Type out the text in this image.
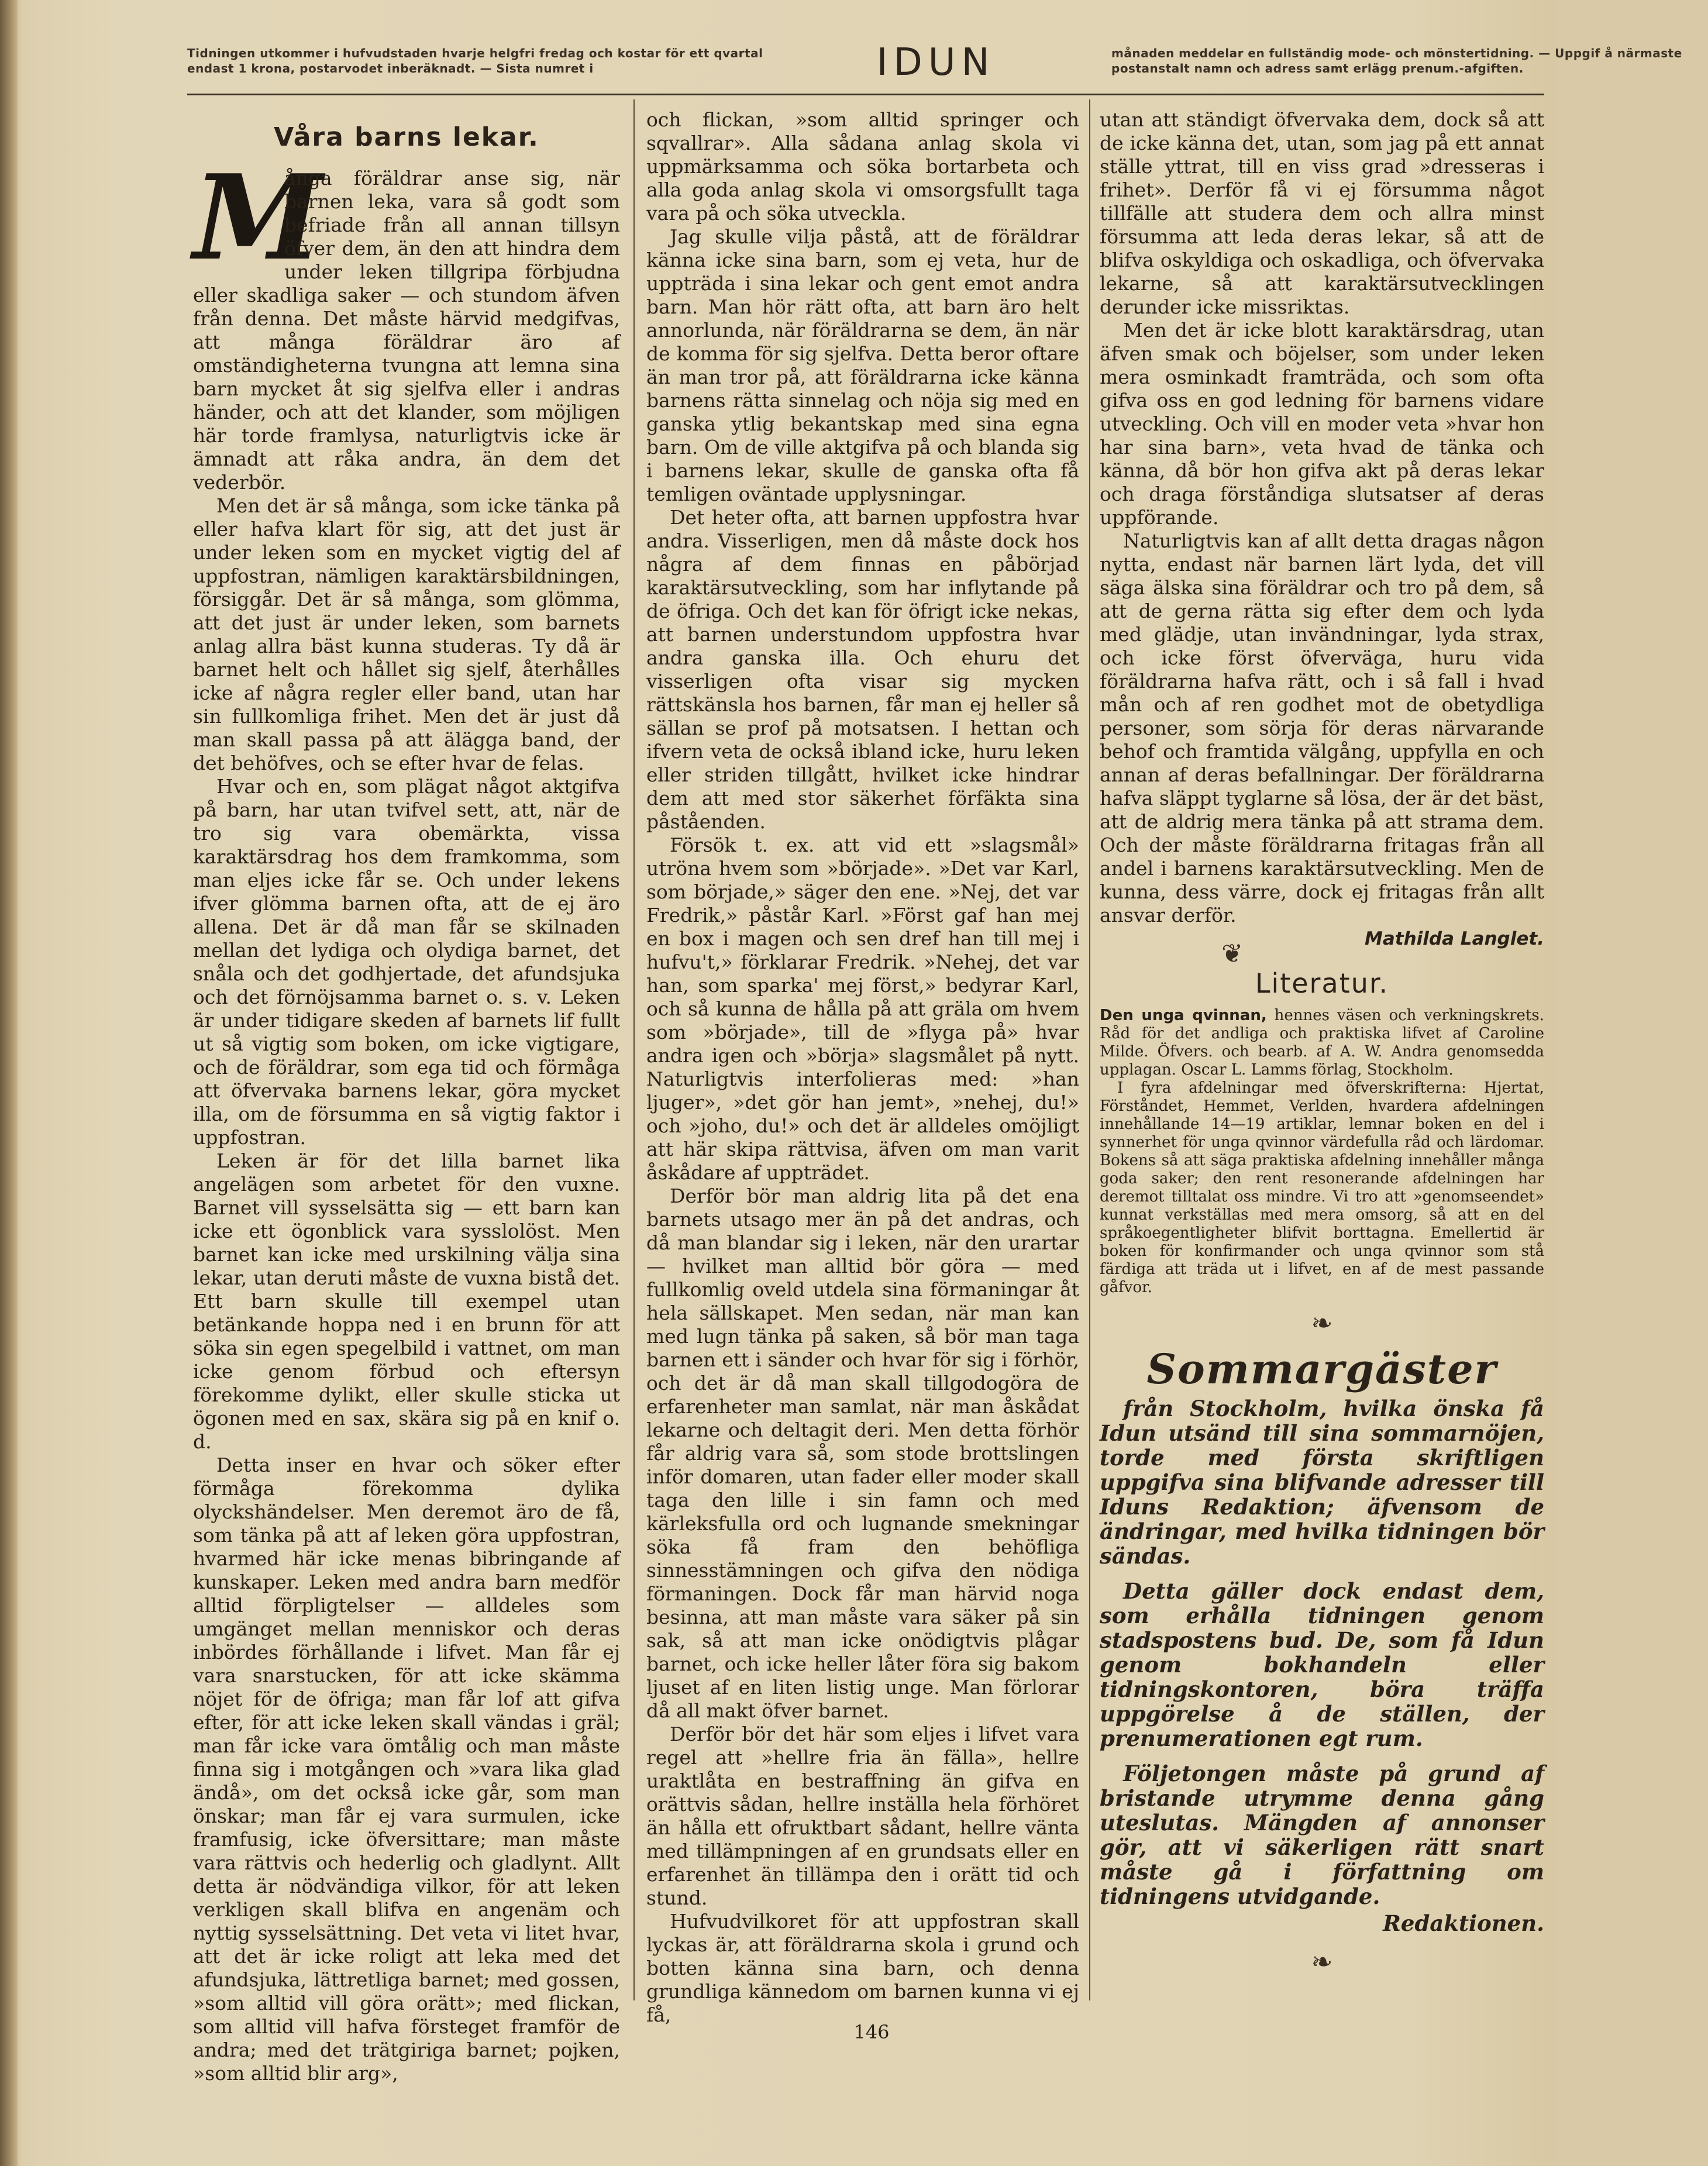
Tidningen utkommer i hufvudstaden hvarje helgfri fredag och kostar för ett qvartal endast 1 krona, postarvodet inberäknadt. — Sista numret i	IDUN	månaden meddelar en fullständig mode- och mönstertidning. — Uppgif å närmaste postanstalt namn och adress samt erlägg prenum.-afgiften.
Våra barns lekar.
M

ånga föräldrar anse sig, när barnen leka, vara så godt som befriade från all annan tillsyn öfver dem, än den att hindra dem under leken tillgripa förbjudna eller skadliga saker — och stundom äfven från denna. Det måste härvid medgifvas, att många föräldrar äro af omständigheterna tvungna att lemna sina barn mycket åt sig sjelfva eller i andras händer, och att det klander, som möjligen här torde framlysa, naturligtvis icke är ämnadt att råka andra, än dem det vederbör.

Men det är så många, som icke tänka på eller hafva klart för sig, att det just är under leken som en mycket vigtig del af uppfostran, nämligen karaktärsbildningen, försiggår. Det är så många, som glömma, att det just är under leken, som barnets anlag allra bäst kunna studeras. Ty då är barnet helt och hållet sig sjelf, återhålles icke af några regler eller band, utan har sin fullkomliga frihet. Men det är just då man skall passa på att älägga band, der det behöfves, och se efter hvar de felas.

Hvar och en, som plägat något aktgifva på barn, har utan tvifvel sett, att, när de tro sig vara obemärkta, vissa karaktärsdrag hos dem framkomma, som man eljes icke får se. Och under lekens ifver glömma barnen ofta, att de ej äro allena. Det är då man får se skilnaden mellan det lydiga och olydiga barnet, det snåla och det godhjertade, det afundsjuka och det förnöjsamma barnet o. s. v. Leken är under tidigare skeden af barnets lif fullt ut så vigtig som boken, om icke vigtigare, och de föräldrar, som ega tid och förmåga att öfvervaka barnens lekar, göra mycket illa, om de försumma en så vigtig faktor i uppfostran.

Leken är för det lilla barnet lika angelägen som arbetet för den vuxne. Barnet vill sysselsätta sig — ett barn kan icke ett ögonblick vara sysslolöst. Men barnet kan icke med urskilning välja sina lekar, utan deruti måste de vuxna bistå det. Ett barn skulle till exempel utan betänkande hoppa ned i en brunn för att söka sin egen spegelbild i vattnet, om man icke genom förbud och eftersyn förekomme dylikt, eller skulle sticka ut ögonen med en sax, skära sig på en knif o. d.

Detta inser en hvar och söker efter förmåga förekomma dylika olyckshändelser. Men deremot äro de få, som tänka på att af leken göra uppfostran, hvarmed här icke menas bibringande af kunskaper. Leken med andra barn medför alltid förpligtelser — alldeles som umgänget mellan menniskor och deras inbördes förhållande i lifvet. Man får ej vara snarstucken, för att icke skämma nöjet för de öfriga; man får lof att gifva efter, för att icke leken skall vändas i gräl; man får icke vara ömtålig och man måste finna sig i motgången och »vara lika glad ändå», om det också icke går, som man önskar; man får ej vara surmulen, icke framfusig, icke öfversittare; man måste vara rättvis och hederlig och gladlynt. Allt detta är nödvändiga vilkor, för att leken verkligen skall blifva en angenäm och nyttig sysselsättning. Det veta vi litet hvar, att det är icke roligt att leka med det afundsjuka, lättretliga barnet; med gossen, »som alltid vill göra orätt»; med flickan, som alltid vill hafva försteget framför de andra; med det trätgiriga barnet; pojken, »som alltid blir arg»,

och flickan, »som alltid springer och sqvallrar». Alla sådana anlag skola vi uppmärksamma och söka bortarbeta och alla goda anlag skola vi omsorgsfullt taga vara på och söka utveckla.

Jag skulle vilja påstå, att de föräldrar känna icke sina barn, som ej veta, hur de uppträda i sina lekar och gent emot andra barn. Man hör rätt ofta, att barn äro helt annorlunda, när föräldrarna se dem, än när de komma för sig sjelfva. Detta beror oftare än man tror på, att föräldrarna icke känna barnens rätta sinnelag och nöja sig med en ganska ytlig bekantskap med sina egna barn. Om de ville aktgifva på och blanda sig i barnens lekar, skulle de ganska ofta få temligen oväntade upplysningar.

Det heter ofta, att barnen uppfostra hvar andra. Visserligen, men då måste dock hos några af dem finnas en påbörjad karaktärsutveckling, som har inflytande på de öfriga. Och det kan för öfrigt icke nekas, att barnen understundom uppfostra hvar andra ganska illa. Och ehuru det visserligen ofta visar sig mycken rättskänsla hos barnen, får man ej heller så sällan se prof på motsatsen. I hettan och ifvern veta de också ibland icke, huru leken eller striden tillgått, hvilket icke hindrar dem att med stor säkerhet förfäkta sina påståenden.

Försök t. ex. att vid ett »slagsmål» utröna hvem som »började». »Det var Karl, som började,» säger den ene. »Nej, det var Fredrik,» påstår Karl. »Först gaf han mej en box i magen och sen dref han till mej i hufvu't,» förklarar Fredrik. »Nehej, det var han, som sparka' mej först,» bedyrar Karl, och så kunna de hålla på att gräla om hvem som »började», till de »flyga på» hvar andra igen och »börja» slagsmålet på nytt. Naturligtvis interfolieras med: »han ljuger», »det gör han jemt», »nehej, du!» och »joho, du!» och det är alldeles omöjligt att här skipa rättvisa, äfven om man varit åskådare af uppträdet.

Derför bör man aldrig lita på det ena barnets utsago mer än på det andras, och då man blandar sig i leken, när den urartar — hvilket man alltid bör göra — med fullkomlig oveld utdela sina förmaningar åt hela sällskapet. Men sedan, när man kan med lugn tänka på saken, så bör man taga barnen ett i sänder och hvar för sig i förhör, och det är då man skall tillgodogöra de erfarenheter man samlat, när man åskådat lekarne och deltagit deri. Men detta förhör får aldrig vara så, som stode brottslingen inför domaren, utan fader eller moder skall taga den lille i sin famn och med kärleksfulla ord och lugnande smekningar söka få fram den behöfliga sinnesstämningen och gifva den nödiga förmaningen. Dock får man härvid noga besinna, att man måste vara säker på sin sak, så att man icke onödigtvis plågar barnet, och icke heller låter föra sig bakom ljuset af en liten listig unge. Man förlorar då all makt öfver barnet.

Derför bör det här som eljes i lifvet vara regel att »hellre fria än fälla», hellre uraktlåta en bestraffning än gifva en orättvis sådan, hellre inställa hela förhöret än hålla ett ofruktbart sådant, hellre vänta med tillämpningen af en grundsats eller en erfarenhet än tillämpa den i orätt tid och stund.

Hufvudvilkoret för att uppfostran skall lyckas är, att föräldrarna skola i grund och botten känna sina barn, och denna grundliga kännedom om barnen kunna vi ej få,

utan att ständigt öfvervaka dem, dock så att de icke känna det, utan, som jag på ett annat ställe yttrat, till en viss grad »dresseras i frihet». Derför få vi ej försumma något tillfälle att studera dem och allra minst försumma att leda deras lekar, så att de blifva oskyldiga och oskadliga, och öfvervaka lekarne, så att karaktärsutvecklingen derunder icke missriktas.

Men det är icke blott karaktärsdrag, utan äfven smak och böjelser, som under leken mera osminkadt framträda, och som ofta gifva oss en god ledning för barnens vidare utveckling. Och vill en moder veta »hvar hon har sina barn», veta hvad de tänka och känna, då bör hon gifva akt på deras lekar och draga förståndiga slutsatser af deras uppförande.

Naturligtvis kan af allt detta dragas någon nytta, endast när barnen lärt lyda, det vill säga älska sina föräldrar och tro på dem, så att de gerna rätta sig efter dem och lyda med glädje, utan invändningar, lyda strax, och icke först öfverväga, huru vida föräldrarna hafva rätt, och i så fall i hvad mån och af ren godhet mot de obetydliga personer, som sörja för deras närvarande behof och framtida välgång, uppfylla en och annan af deras befallningar. Der föräldrarna hafva släppt tyglarne så lösa, der är det bäst, att de aldrig mera tänka på att strama dem. Och der måste föräldrarna fritagas från all andel i barnens karaktärsutveckling. Men de kunna, dess värre, dock ej fritagas från allt ansvar derför.

Mathilda Langlet.
❦
Literatur.

Den unga qvinnan, hennes väsen och verkningskrets. Råd för det andliga och praktiska lifvet af Caroline Milde. Öfvers. och bearb. af A. W. Andra genomsedda upplagan. Oscar L. Lamms förlag, Stockholm.

I fyra afdelningar med öfverskrifterna: Hjertat, Förståndet, Hemmet, Verlden, hvardera afdelningen innehållande 14—19 artiklar, lemnar boken en del i synnerhet för unga qvinnor värdefulla råd och lärdomar. Bokens så att säga praktiska afdelning innehåller många goda saker; den rent resonerande afdelningen har deremot tilltalat oss mindre. Vi tro att »genomseendet» kunnat verkställas med mera omsorg, så att en del språkoegentligheter blifvit borttagna. Emellertid är boken för konfirmander och unga qvinnor som stå färdiga att träda ut i lifvet, en af de mest passande gåfvor.

❧
Sommargäster

från Stockholm, hvilka önska få Idun utsänd till sina sommarnöjen, torde med första skriftligen uppgifva sina blifvande adresser till Iduns Redaktion; äfvensom de ändringar, med hvilka tidningen bör sändas.

Detta gäller dock endast dem, som erhålla tidningen genom stadspostens bud. De, som få Idun genom bokhandeln eller tidningskontoren, böra träffa uppgörelse å de ställen, der prenumerationen egt rum.

Följetongen måste på grund af bristande utrymme denna gång uteslutas. Mängden af annonser gör, att vi säkerligen rätt snart måste gå i författning om tidningens utvidgande.

Redaktionen.
❧
146
